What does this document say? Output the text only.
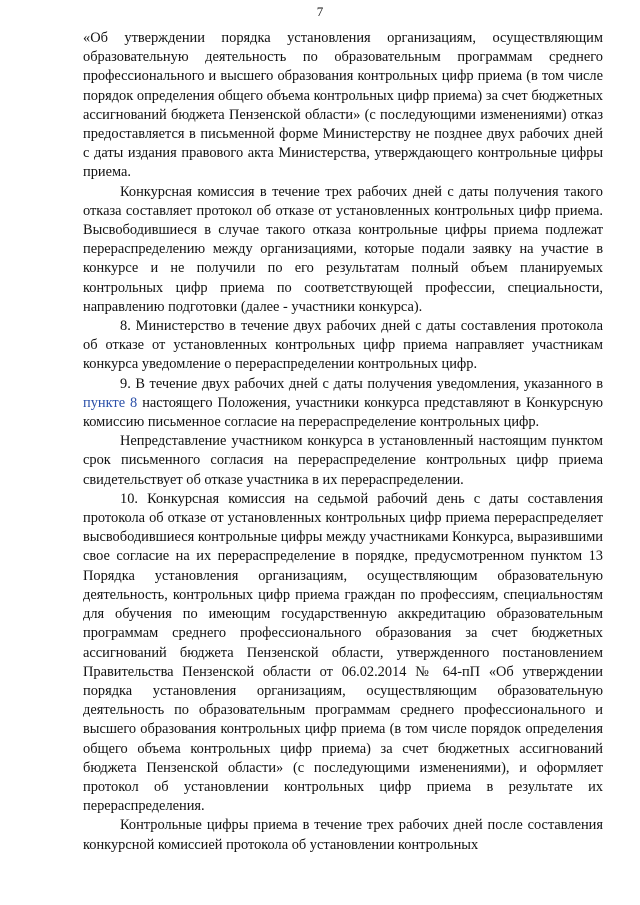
7

«Об утверждении порядка установления организациям, осуществляющим образовательную деятельность по образовательным программам среднего профессионального и высшего образования контрольных цифр приема (в том числе порядок определения общего объема контрольных цифр приема) за счет бюджетных ассигнований бюджета Пензенской области» (с последующими изменениями) отказ предоставляется в письменной форме Министерству не позднее двух рабочих дней с даты издания правового акта Министерства, утверждающего контрольные цифры приема.

Конкурсная комиссия в течение трех рабочих дней с даты получения такого отказа составляет протокол об отказе от установленных контрольных цифр приема. Высвободившиеся в случае такого отказа контрольные цифры приема подлежат перераспределению между организациями, которые подали заявку на участие в конкурсе и не получили по его результатам полный объем планируемых контрольных цифр приема по соответствующей профессии, специальности, направлению подготовки (далее - участники конкурса).

8. Министерство в течение двух рабочих дней с даты составления протокола об отказе от установленных контрольных цифр приема направляет участникам конкурса уведомление о перераспределении контрольных цифр.

9. В течение двух рабочих дней с даты получения уведомления, указанного в пункте 8 настоящего Положения, участники конкурса представляют в Конкурсную комиссию письменное согласие на перераспределение контрольных цифр.

Непредставление участником конкурса в установленный настоящим пунктом срок письменного согласия на перераспределение контрольных цифр приема свидетельствует об отказе участника в их перераспределении.

10. Конкурсная комиссия на седьмой рабочий день с даты составления протокола об отказе от установленных контрольных цифр приема перераспределяет высвободившиеся контрольные цифры между участниками Конкурса, выразившими свое согласие на их перераспределение в порядке, предусмотренном пунктом 13 Порядка установления организациям, осуществляющим образовательную деятельность, контрольных цифр приема граждан по профессиям, специальностям для обучения по имеющим государственную аккредитацию образовательным программам среднего профессионального образования за счет бюджетных ассигнований бюджета Пензенской области, утвержденного постановлением Правительства Пензенской области от 06.02.2014 № 64-пП «Об утверждении порядка установления организациям, осуществляющим образовательную деятельность по образовательным программам среднего профессионального и высшего образования контрольных цифр приема (в том числе порядок определения общего объема контрольных цифр приема) за счет бюджетных ассигнований бюджета Пензенской области» (с последующими изменениями), и оформляет протокол об установлении контрольных цифр приема в результате их перераспределения.

Контрольные цифры приема в течение трех рабочих дней после составления конкурсной комиссией протокола об установлении контрольных
